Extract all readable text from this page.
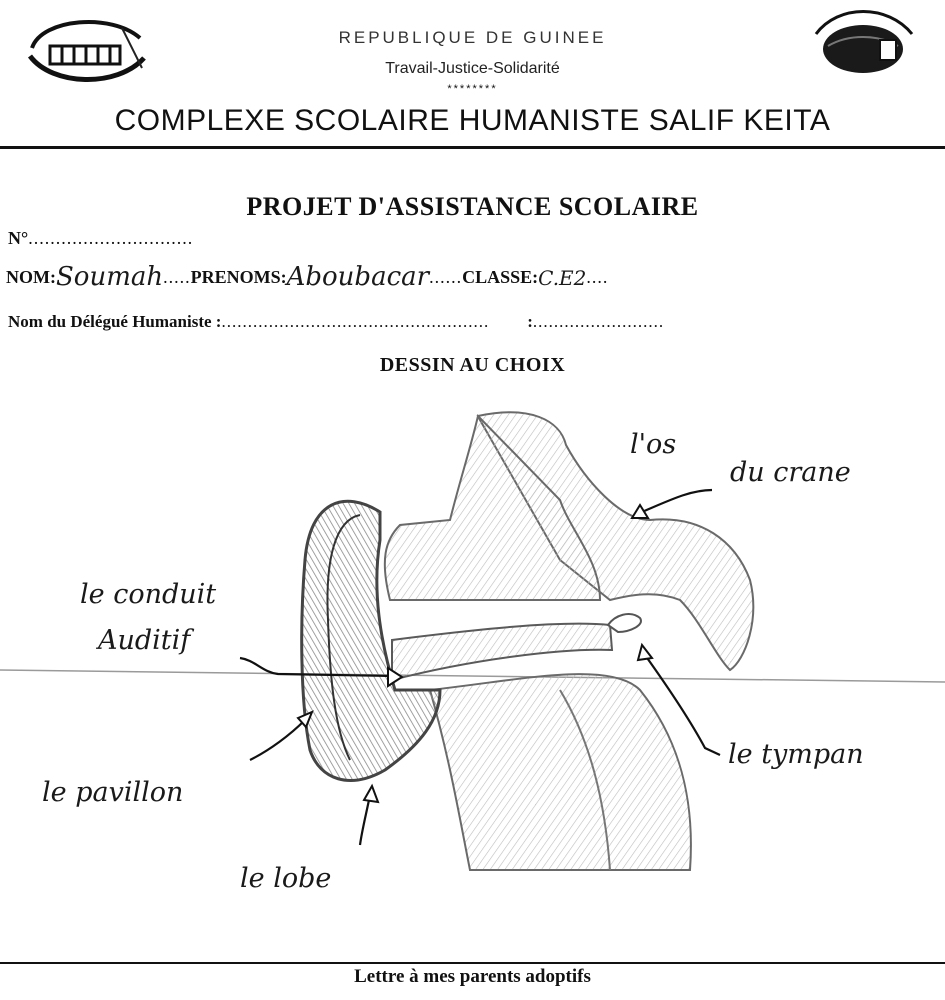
REPUBLIQUE DE GUINEE
Travail-Justice-Solidarité
********
COMPLEXE SCOLAIRE HUMANISTE SALIF KEITA
PROJET D'ASSISTANCE SCOLAIRE
N°..............................
NOM:Soumah.....PRENOMS:Aboubacar......CLASSE:C.E2....
Nom du Délégué Humaniste :................................................... :.........................
DESSIN AU CHOIX
l'os
du crane
le conduit
Auditif
le pavillon
le lobe
le tympan
Lettre à mes parents adoptifs
